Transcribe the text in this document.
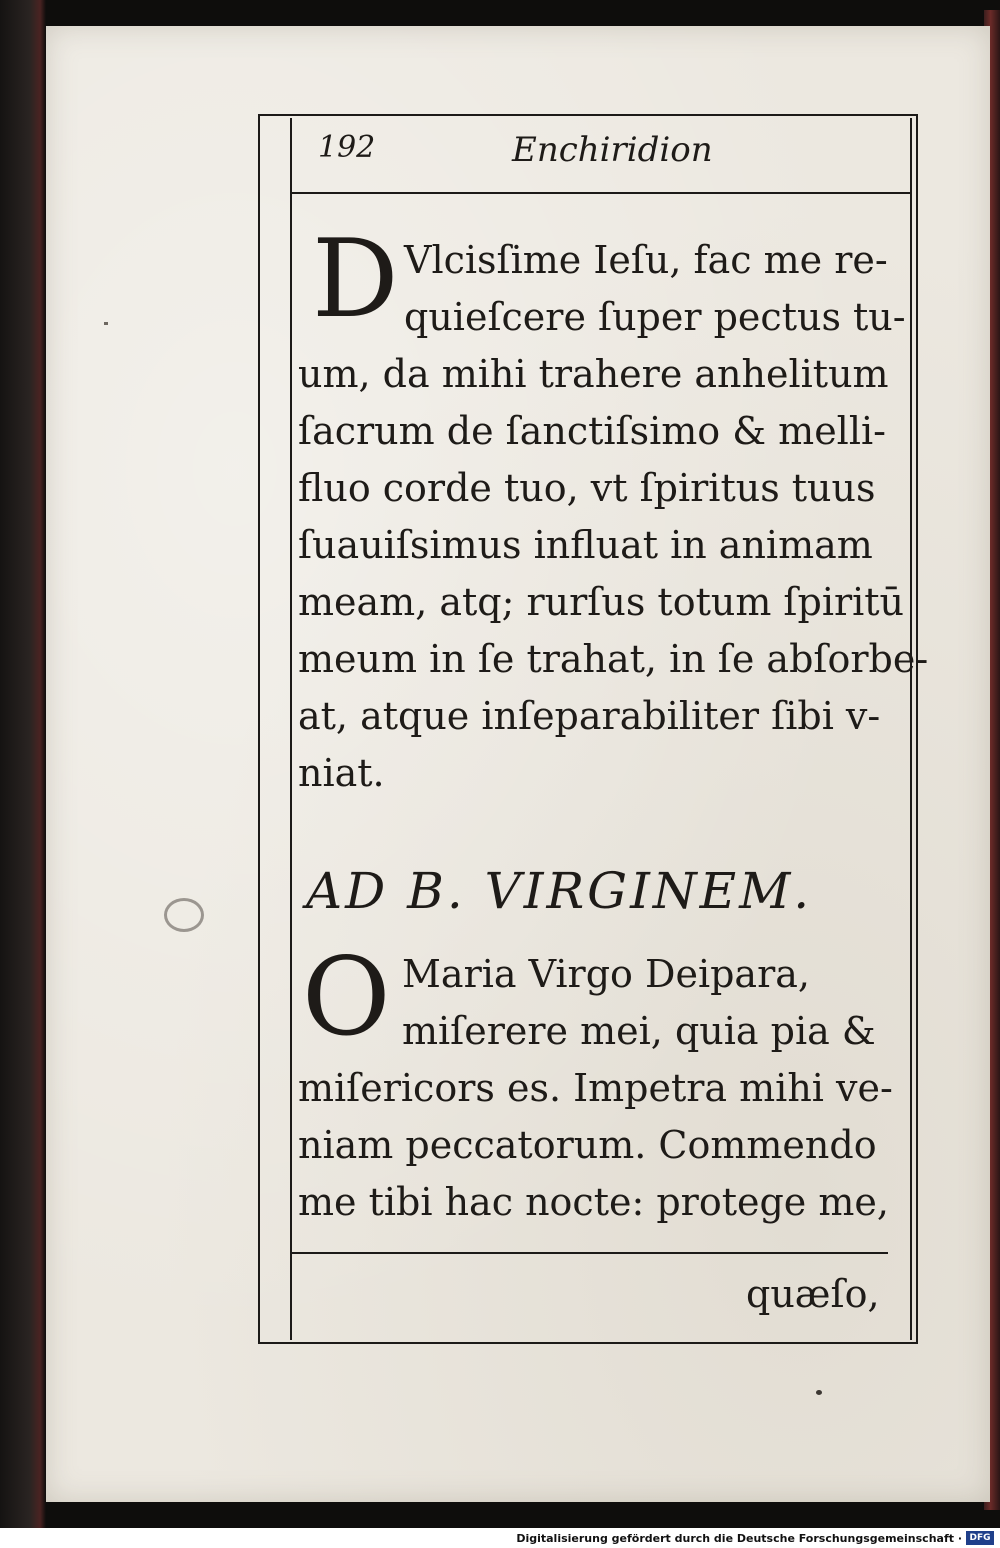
192	Enchiridion
D Vlcisſime Ieſu, fac me re-
quieſcere ſuper pectus tu-
um, da mihi trahere anhelitum
ſacrum de ſanctiſsimo & melli-
fluo corde tuo, vt ſpiritus tuus
ſuauiſsimus influat in animam
meam, atq; rurſus totum ſpiritū
meum in ſe trahat, in ſe abſorbe-
at, atque inſeparabiliter ſibi v-
niat.
AD B. VIRGINEM.
O Maria Virgo Deipara,
miſerere mei, quia pia &
miſericors es. Impetra mihi ve-
niam peccatorum. Commendo
me tibi hac nocte: protege me,
quæſo,
Digitalisierung gefördert durch die Deutsche Forschungsgemeinschaft · DFG
